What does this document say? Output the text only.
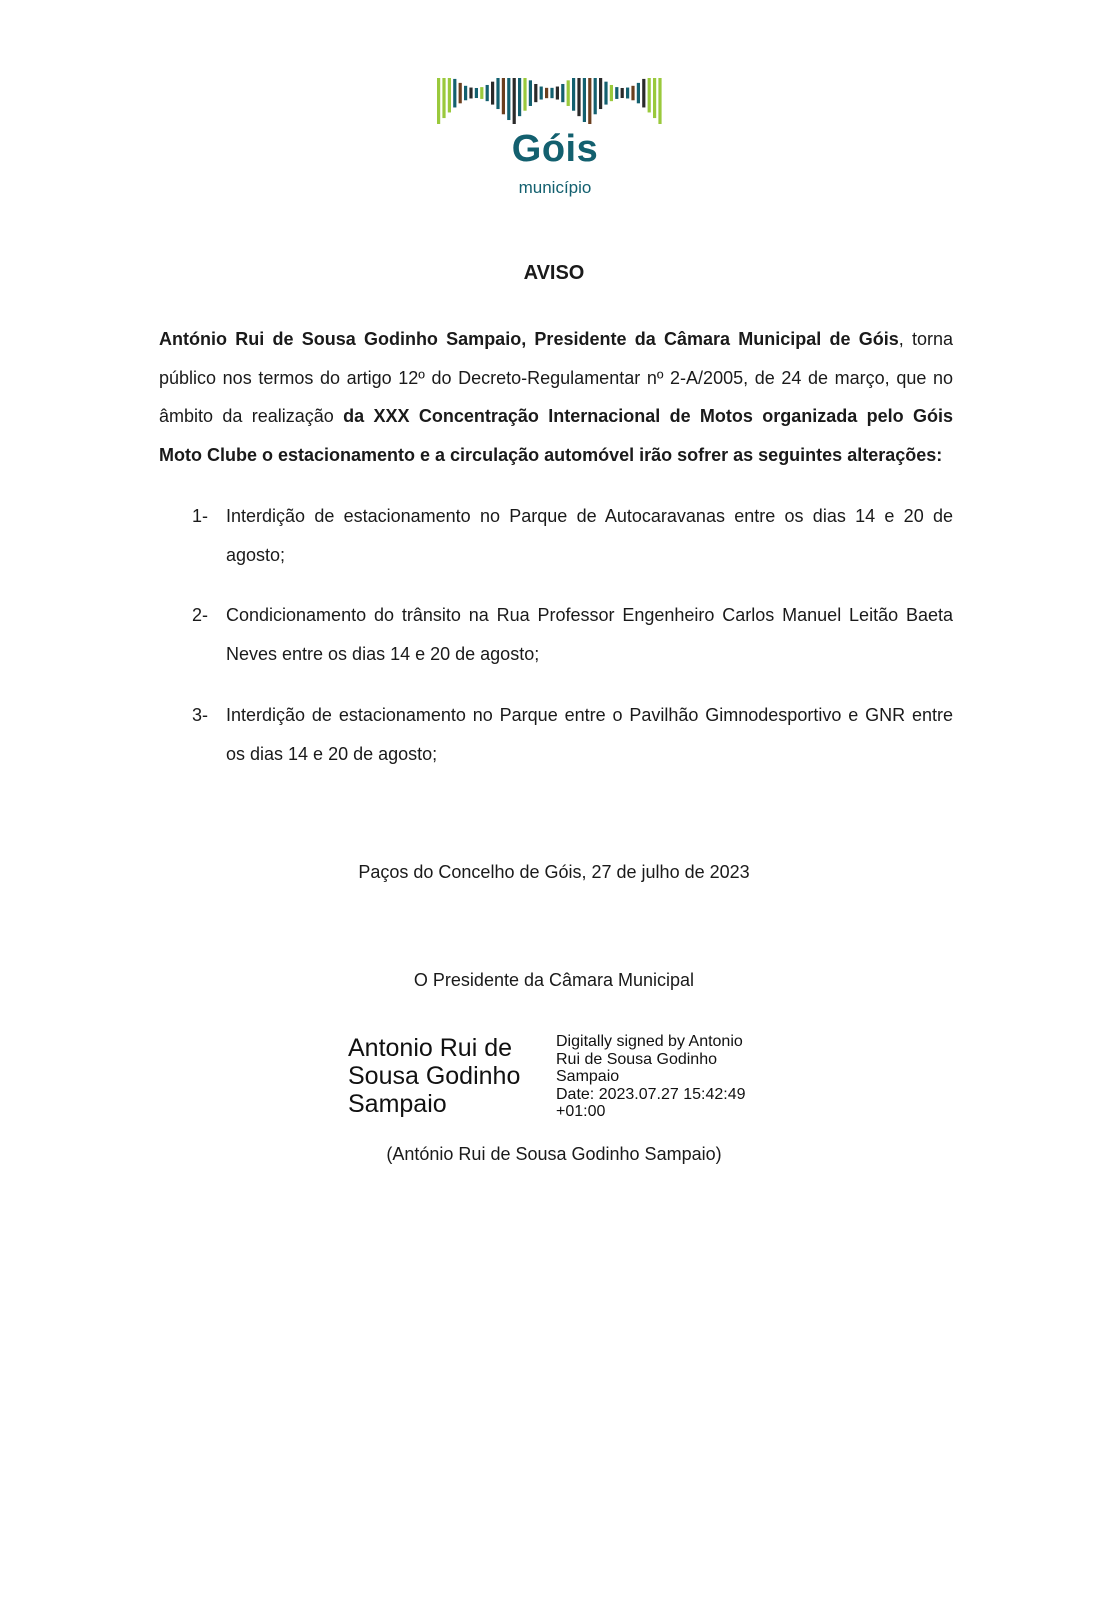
Góis
município
AVISO
António Rui de Sousa Godinho Sampaio, Presidente da Câmara Municipal de Góis, torna público nos termos do artigo 12º do Decreto-Regulamentar nº 2-A/2005, de 24 de março, que no âmbito da realização da XXX Concentração Internacional de Motos organizada pelo Góis Moto Clube o estacionamento e a circulação automóvel irão sofrer as seguintes alterações:
1- Interdição de estacionamento no Parque de Autocaravanas entre os dias 14 e 20 de agosto;
2- Condicionamento do trânsito na Rua Professor Engenheiro Carlos Manuel Leitão Baeta Neves entre os dias 14 e 20 de agosto;
3- Interdição de estacionamento no Parque entre o Pavilhão Gimnodesportivo e GNR entre os dias 14 e 20 de agosto;
Paços do Concelho de Góis, 27 de julho de 2023
O Presidente da Câmara Municipal
Antonio Rui de
Sousa Godinho
Sampaio
Digitally signed by Antonio
Rui de Sousa Godinho
Sampaio
Date: 2023.07.27 15:42:49
+01:00
(António Rui de Sousa Godinho Sampaio)
